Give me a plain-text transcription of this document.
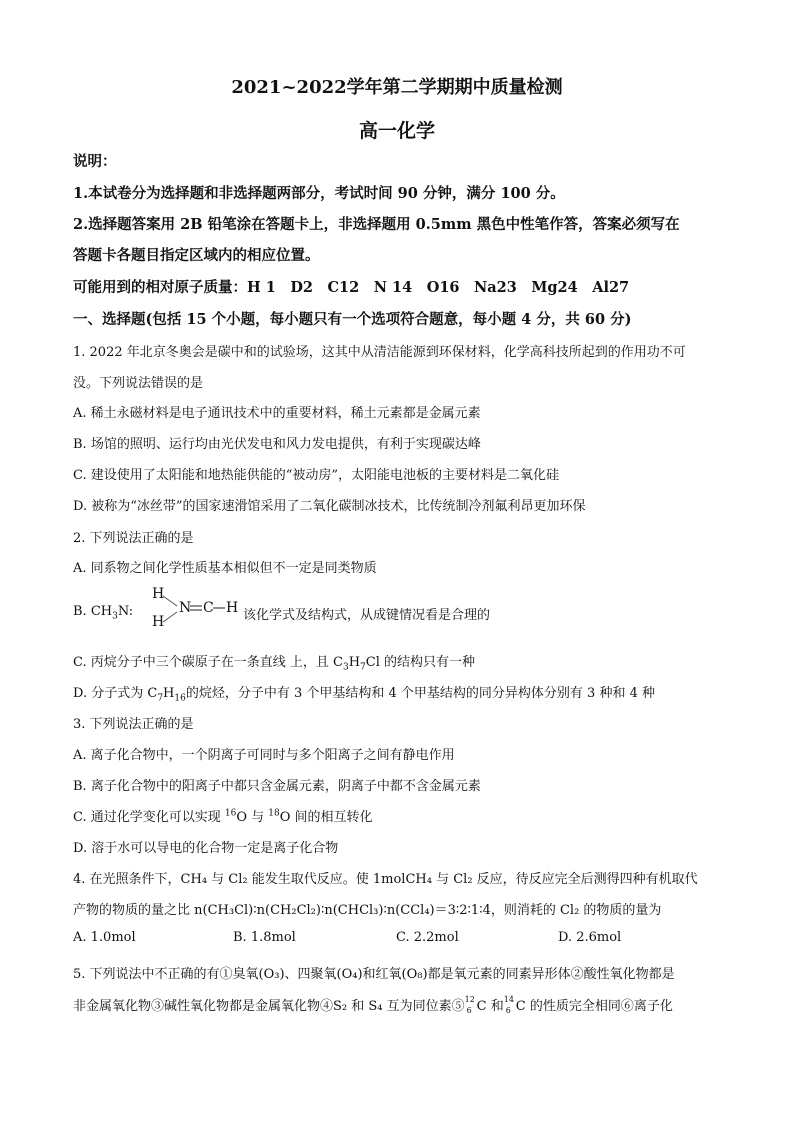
2021~2022学年第二学期期中质量检测
高一化学
说明：
1.本试卷分为选择题和非选择题两部分，考试时间 90 分钟，满分 100 分。
2.选择题答案用 2B 铅笔涂在答题卡上，非选择题用 0.5mm 黑色中性笔作答，答案必须写在
答题卡各题目指定区域内的相应位置。
可能用到的相对原子质量：H 1　D2　C12　N 14　O16　Na23　Mg24　Al27
一、选择题(包括 15 个小题，每小题只有一个选项符合题意，每小题 4 分，共 60 分)
1. 2022 年北京冬奥会是碳中和的试验场，这其中从清洁能源到环保材料，化学高科技所起到的作用功不可
没。下列说法错误的是
A. 稀土永磁材料是电子通讯技术中的重要材料，稀土元素都是金属元素
B. 场馆的照明、运行均由光伏发电和风力发电提供，有利于实现碳达峰
C. 建设使用了太阳能和地热能供能的“被动房”，太阳能电池板的主要材料是二氧化硅
D. 被称为“冰丝带”的国家速滑馆采用了二氧化碳制冰技术，比传统制冷剂氟利昂更加环保
2. 下列说法正确的是
A. 同系物之间化学性质基本相似但不一定是同类物质
B. $CH_3N$:
H
H
N C H 该化学式及结构式，从成键情况看是合理的
C. 丙烷分子中三个碳原子在一条直线 上，且 $C_3H_7Cl$ 的结构只有一种
D. 分子式为 $C_7H_{16}$的烷烃，分子中有 3 个甲基结构和 4 个甲基结构的同分异构体分别有 3 种和 4 种
3. 下列说法正确的是
A. 离子化合物中，一个阴离子可同时与多个阳离子之间有静电作用
B. 离子化合物中的阳离子中都只含金属元素，阴离子中都不含金属元素
C. 通过化学变化可以实现 $^{16}$O 与 $^{18}$O 间的相互转化
D. 溶于水可以导电的化合物一定是离子化合物
4. 在光照条件下，CH₄ 与 Cl₂ 能发生取代反应。使 1molCH₄ 与 Cl₂ 反应，待反应完全后测得四种有机取代
产物的物质的量之比 n(CH₃Cl)∶n(CH₂Cl₂)∶n(CHCl₃)∶n(CCl₄)＝3∶2∶1∶4，则消耗的 Cl₂ 的物质的量为
A. 1.0mol	B. 1.8mol	C. 2.2mol	D. 2.6mol
5. 下列说法中不正确的有①臭氧(O₃)、四聚氧(O₄)和红氧(O₈)都是氧元素的同素异形体②酸性氧化物都是
非金属氧化物③碱性氧化物都是金属氧化物④S₂ 和 S₄ 互为同位素⑤ 12
6 C 和 14
6 C 的性质完全相同⑥离子化
